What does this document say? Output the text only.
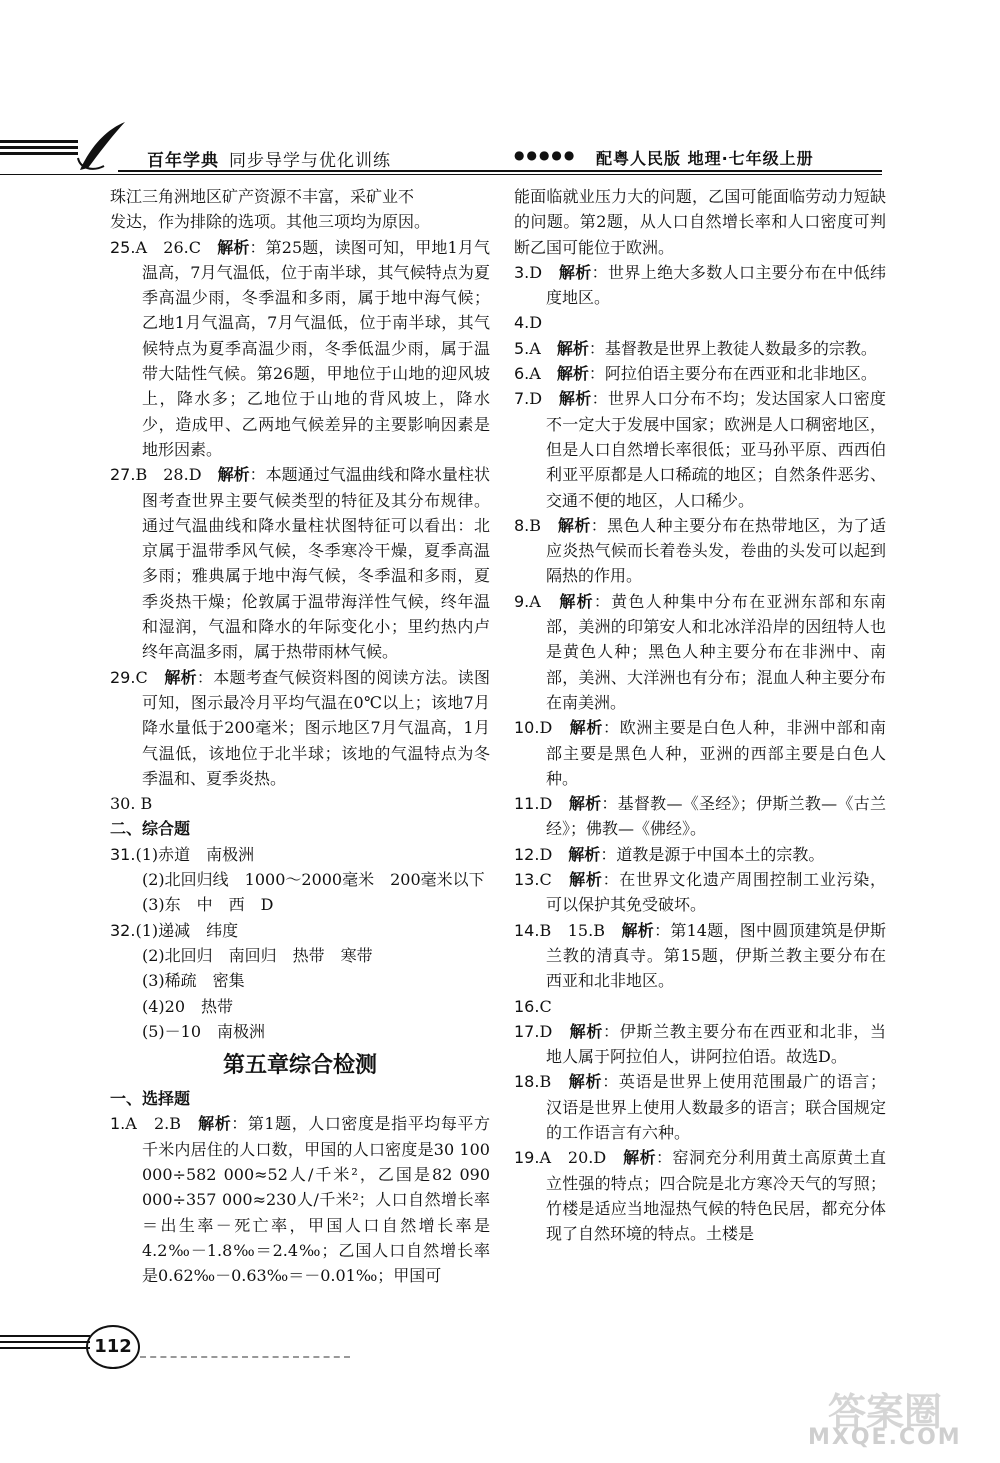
百年学典 同步导学与优化训练	●●●●● 配粤人民版 地理·七年级上册

珠江三角洲地区矿产资源不丰富，采矿业不

发达，作为排除的选项。其他三项均为原因。

25.A　26.C　 解析：第25题，读图可知，甲地1月气温高，7月气温低，位于南半球，其气候特点为夏季高温少雨，冬季温和多雨，属于地中海气候；乙地1月气温高，7月气温低，位于南半球，其气候特点为夏季高温少雨，冬季低温少雨，属于温带大陆性气候。第26题，甲地位于山地的迎风坡上，降水多；乙地位于山地的背风坡上，降水少，造成甲、乙两地气候差异的主要影响因素是地形因素。

27.B　28.D　 解析：本题通过气温曲线和降水量柱状图考查世界主要气候类型的特征及其分布规律。通过气温曲线和降水量柱状图特征可以看出：北京属于温带季风气候，冬季寒冷干燥，夏季高温多雨；雅典属于地中海气候，冬季温和多雨，夏季炎热干燥；伦敦属于温带海洋性气候，终年温和湿润，气温和降水的年际变化小；里约热内卢终年高温多雨，属于热带雨林气候。

29.C　 解析：本题考查气候资料图的阅读方法。读图可知，图示最冷月平均气温在0℃以上；该地7月降水量低于200毫米；图示地区7月气温高，1月气温低，该地位于北半球；该地的气温特点为冬季温和、夏季炎热。

30. B

二、综合题

31.(1)赤道　南极洲

(2)北回归线　1000～2000毫米　200毫米以下

(3)东　中　西　D

32.(1)递减　纬度

(2)北回归　南回归　热带　寒带

(3)稀疏　密集

(4)20　热带

(5)－10　南极洲

第五章综合检测

一、选择题

1.A　2.B　 解析：第1题，人口密度是指平均每平方千米内居住的人口数，甲国的人口密度是30 100 000÷582 000≈52人/千米²，乙国是82 090 000÷357 000≈230人/千米²；人口自然增长率＝出生率－死亡率，甲国人口自然增长率是4.2‰－1.8‰＝2.4‰；乙国人口自然增长率是0.62‰－0.63‰＝－0.01‰；甲国可

能面临就业压力大的问题，乙国可能面临劳动力短缺的问题。第2题，从人口自然增长率和人口密度可判断乙国可能位于欧洲。

3.D　 解析：世界上绝大多数人口主要分布在中低纬度地区。

4.D

5.A　 解析：基督教是世界上教徒人数最多的宗教。

6.A　 解析：阿拉伯语主要分布在西亚和北非地区。

7.D　 解析：世界人口分布不均；发达国家人口密度不一定大于发展中国家；欧洲是人口稠密地区，但是人口自然增长率很低；亚马孙平原、西西伯利亚平原都是人口稀疏的地区；自然条件恶劣、交通不便的地区，人口稀少。

8.B　 解析：黑色人种主要分布在热带地区，为了适应炎热气候而长着卷头发，卷曲的头发可以起到隔热的作用。

9.A　 解析：黄色人种集中分布在亚洲东部和东南部，美洲的印第安人和北冰洋沿岸的因纽特人也是黄色人种；黑色人种主要分布在非洲中、南部，美洲、大洋洲也有分布；混血人种主要分布在南美洲。

10.D　 解析：欧洲主要是白色人种，非洲中部和南部主要是黑色人种，亚洲的西部主要是白色人种。

11.D　 解析：基督教—《圣经》；伊斯兰教—《古兰经》；佛教—《佛经》。

12.D　 解析：道教是源于中国本土的宗教。

13.C　 解析：在世界文化遗产周围控制工业污染，可以保护其免受破坏。

14.B　15.B　 解析：第14题，图中圆顶建筑是伊斯兰教的清真寺。第15题，伊斯兰教主要分布在西亚和北非地区。

16.C

17.D　 解析：伊斯兰教主要分布在西亚和北非，当地人属于阿拉伯人，讲阿拉伯语。故选D。

18.B　 解析：英语是世界上使用范围最广的语言；汉语是世界上使用人数最多的语言；联合国规定的工作语言有六种。

19.A　20.D　 解析：窑洞充分利用黄土高原黄土直立性强的特点；四合院是北方寒冷天气的写照；竹楼是适应当地湿热气候的特色民居，都充分体现了自然环境的特点。土楼是

112
答案圈
MXQE.COM
